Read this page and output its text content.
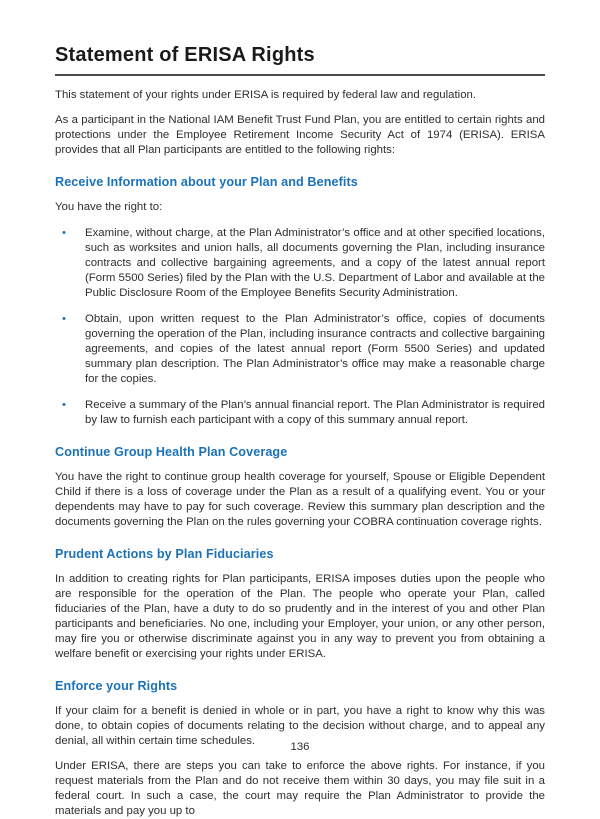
Statement of ERISA Rights

This statement of your rights under ERISA is required by federal law and regulation.

As a participant in the National IAM Benefit Trust Fund Plan, you are entitled to certain rights and protections under the Employee Retirement Income Security Act of 1974 (ERISA). ERISA provides that all Plan participants are entitled to the following rights:

Receive Information about your Plan and Benefits

You have the right to:

• Examine, without charge, at the Plan Administrator’s office and at other specified locations, such as worksites and union halls, all documents governing the Plan, including insurance contracts and collective bargaining agreements, and a copy of the latest annual report (Form 5500 Series) filed by the Plan with the U.S. Department of Labor and available at the Public Disclosure Room of the Employee Benefits Security Administration.
• Obtain, upon written request to the Plan Administrator’s office, copies of documents governing the operation of the Plan, including insurance contracts and collective bargaining agreements, and copies of the latest annual report (Form 5500 Series) and updated summary plan description. The Plan Administrator’s office may make a reasonable charge for the copies.
• Receive a summary of the Plan’s annual financial report. The Plan Administrator is required by law to furnish each participant with a copy of this summary annual report.
Continue Group Health Plan Coverage

You have the right to continue group health coverage for yourself, Spouse or Eligible Dependent Child if there is a loss of coverage under the Plan as a result of a qualifying event. You or your dependents may have to pay for such coverage. Review this summary plan description and the documents governing the Plan on the rules governing your COBRA continuation coverage rights.

Prudent Actions by Plan Fiduciaries

In addition to creating rights for Plan participants, ERISA imposes duties upon the people who are responsible for the operation of the Plan. The people who operate your Plan, called fiduciaries of the Plan, have a duty to do so prudently and in the interest of you and other Plan participants and beneficiaries. No one, including your Employer, your union, or any other person, may fire you or otherwise discriminate against you in any way to prevent you from obtaining a welfare benefit or exercising your rights under ERISA.

Enforce your Rights

If your claim for a benefit is denied in whole or in part, you have a right to know why this was done, to obtain copies of documents relating to the decision without charge, and to appeal any denial, all within certain time schedules.

Under ERISA, there are steps you can take to enforce the above rights. For instance, if you request materials from the Plan and do not receive them within 30 days, you may file suit in a federal court. In such a case, the court may require the Plan Administrator to provide the materials and pay you up to

136
